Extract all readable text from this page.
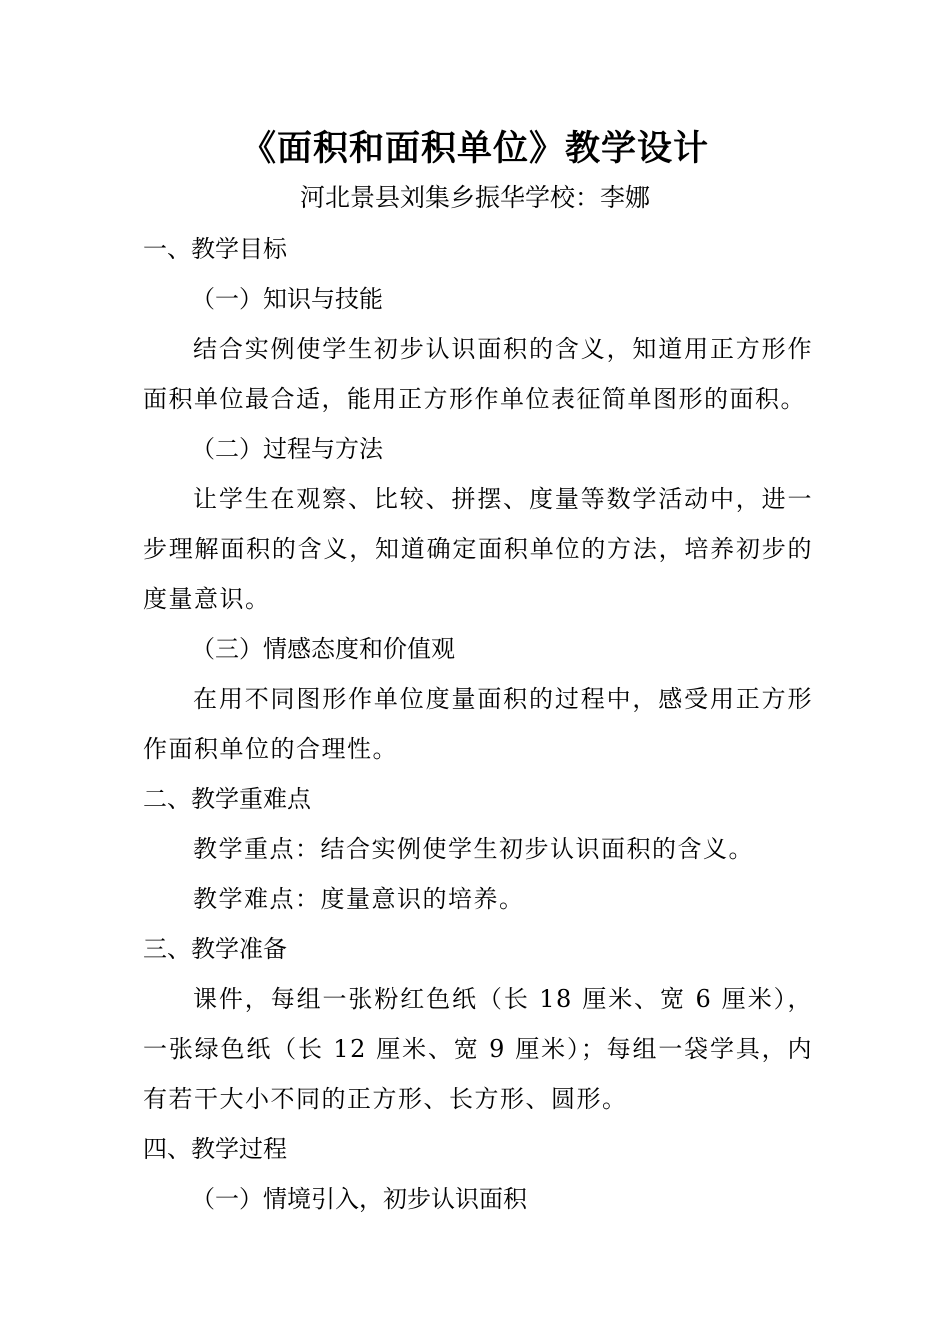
《面积和面积单位》教学设计
河北景县刘集乡振华学校：李娜

一、教学目标

（一）知识与技能

结合实例使学生初步认识面积的含义，知道用正方形作面积单位最合适，能用正方形作单位表征简单图形的面积。

（二）过程与方法

让学生在观察、比较、拼摆、度量等数学活动中，进一步理解面积的含义，知道确定面积单位的方法，培养初步的度量意识。

（三）情感态度和价值观

在用不同图形作单位度量面积的过程中，感受用正方形作面积单位的合理性。

二、教学重难点

教学重点：结合实例使学生初步认识面积的含义。

教学难点：度量意识的培养。

三、教学准备

课件，每组一张粉红色纸（长 18 厘米、宽 6 厘米），一张绿色纸（长 12 厘米、宽 9 厘米）；每组一袋学具，内有若干大小不同的正方形、长方形、圆形。

四、教学过程

（一）情境引入，初步认识面积
